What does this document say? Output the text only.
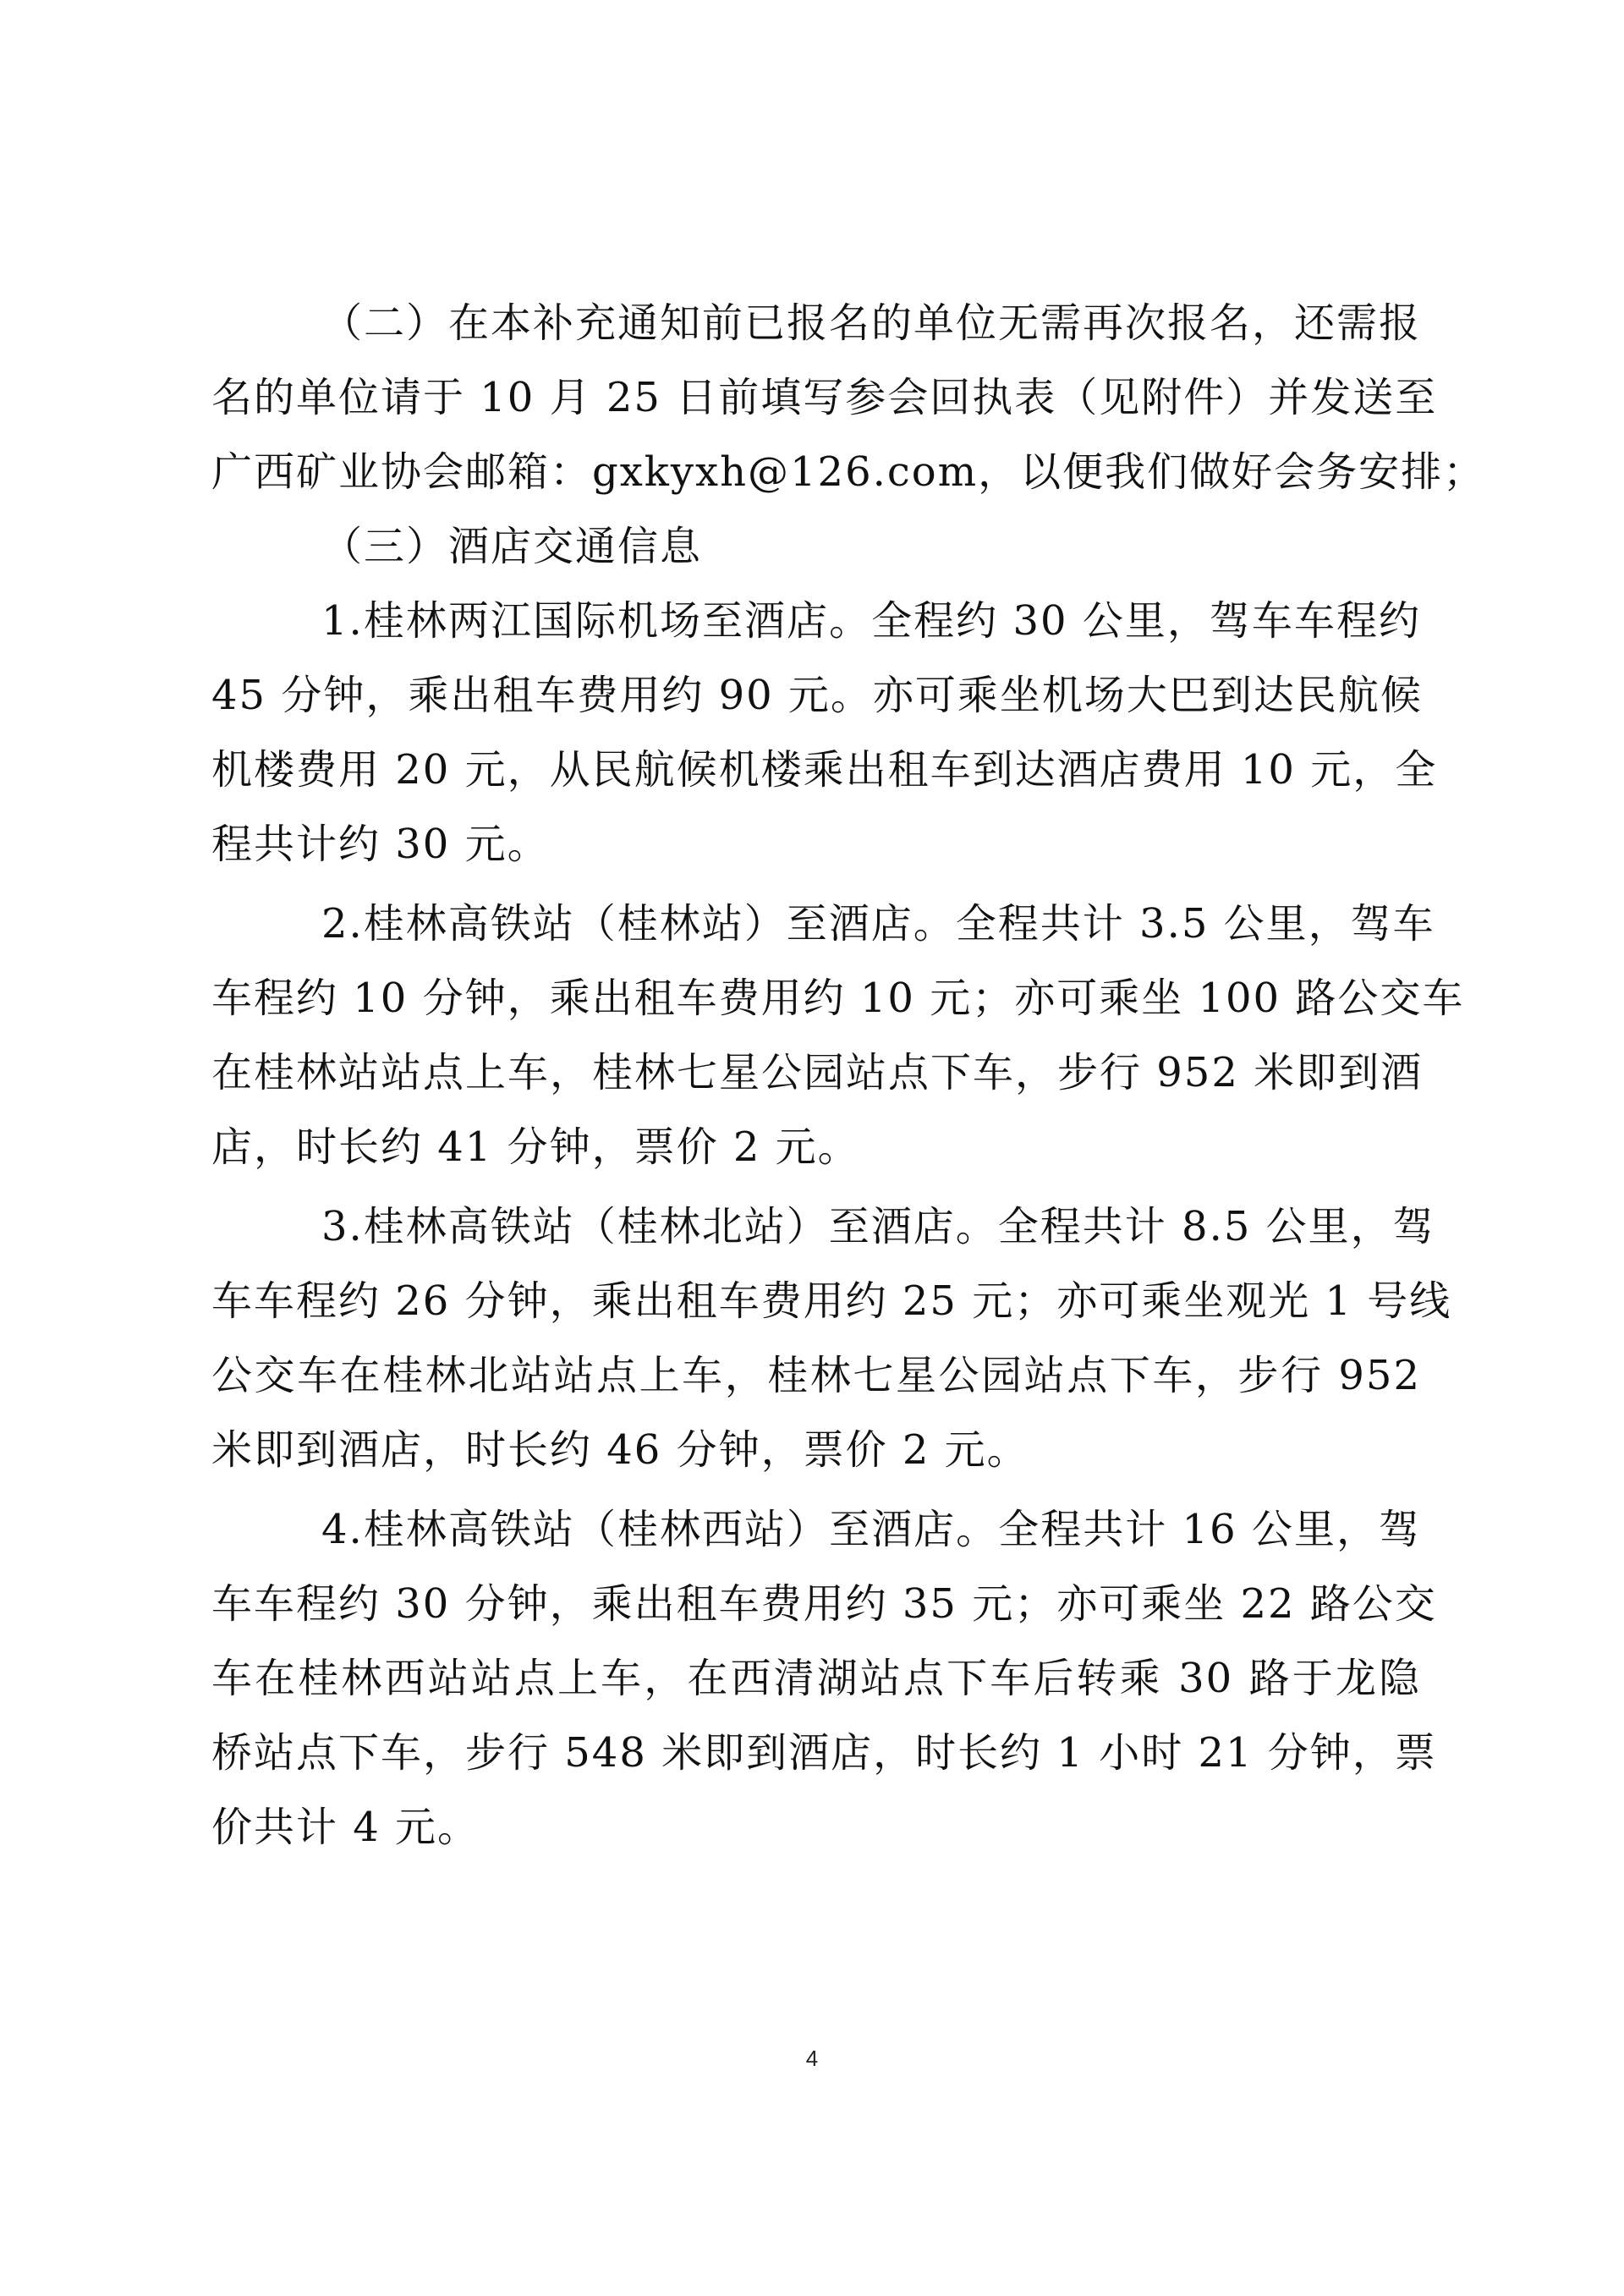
（二）在本补充通知前已报名的单位无需再次报名，还需报
名的单位请于 10 月 25 日前填写参会回执表（见附件）并发送至
广西矿业协会邮箱：gxkyxh@126.com，以便我们做好会务安排；
（三）酒店交通信息
1.桂林两江国际机场至酒店。全程约 30 公里，驾车车程约
45 分钟，乘出租车费用约 90 元。亦可乘坐机场大巴到达民航候
机楼费用 20 元，从民航候机楼乘出租车到达酒店费用 10 元，全
程共计约 30 元。
2.桂林高铁站（桂林站）至酒店。全程共计 3.5 公里，驾车
车程约 10 分钟，乘出租车费用约 10 元；亦可乘坐 100 路公交车
在桂林站站点上车，桂林七星公园站点下车，步行 952 米即到酒
店，时长约 41 分钟，票价 2 元。
3.桂林高铁站（桂林北站）至酒店。全程共计 8.5 公里，驾
车车程约 26 分钟，乘出租车费用约 25 元；亦可乘坐观光 1 号线
公交车在桂林北站站点上车，桂林七星公园站点下车，步行 952
米即到酒店，时长约 46 分钟，票价 2 元。
4.桂林高铁站（桂林西站）至酒店。全程共计 16 公里，驾
车车程约 30 分钟，乘出租车费用约 35 元；亦可乘坐 22 路公交
车在桂林西站站点上车，在西清湖站点下车后转乘 30 路于龙隐
桥站点下车，步行 548 米即到酒店，时长约 1 小时 21 分钟，票
价共计 4 元。
4
